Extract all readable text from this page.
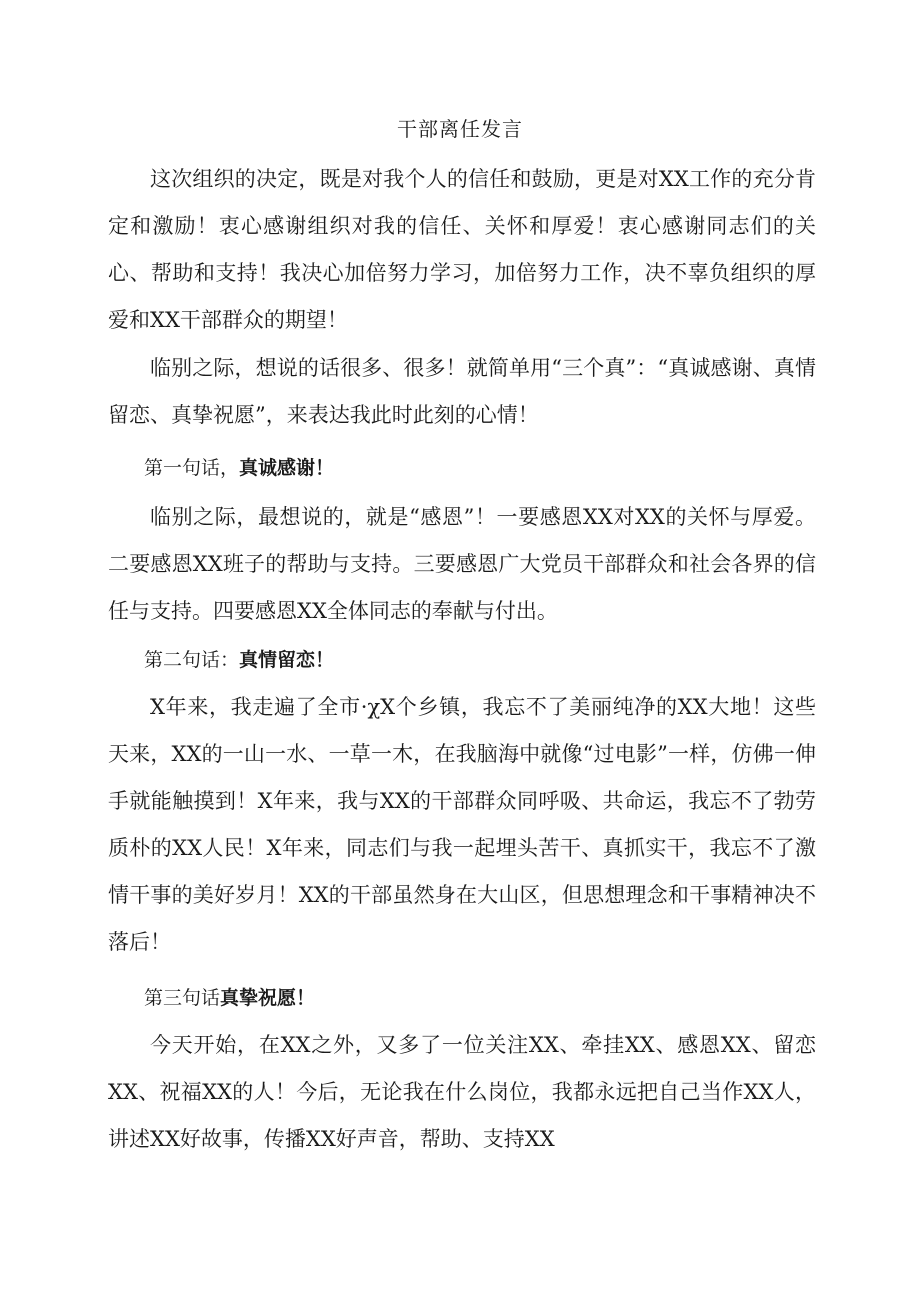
干部离任发言

这次组织的决定，既是对我个人的信任和鼓励，更是对XX工作的充分肯定和激励！衷心感谢组织对我的信任、关怀和厚爱！衷心感谢同志们的关心、帮助和支持！我决心加倍努力学习，加倍努力工作，决不辜负组织的厚爱和XX干部群众的期望！

临别之际，想说的话很多、很多！就简单用“三个真”：“真诚感谢、真情留恋、真挚祝愿”，来表达我此时此刻的心情！

第一句话，真诚感谢！

临别之际，最想说的，就是“感恩”！一要感恩XX对XX的关怀与厚爱。二要感恩XX班子的帮助与支持。三要感恩广大党员干部群众和社会各界的信任与支持。四要感恩XX全体同志的奉献与付出。

第二句话：真情留恋！

X年来，我走遍了全市·χX个乡镇，我忘不了美丽纯净的XX大地！这些天来，XX的一山一水、一草一木，在我脑海中就像“过电影”一样，仿佛一伸手就能触摸到！X年来，我与XX的干部群众同呼吸、共命运，我忘不了勃劳质朴的XX人民！X年来，同志们与我一起埋头苦干、真抓实干，我忘不了激情干事的美好岁月！XX的干部虽然身在大山区，但思想理念和干事精神决不落后！

第三句话真挚祝愿！

今天开始，在XX之外，又多了一位关注XX、牵挂XX、感恩XX、留恋XX、祝福XX的人！今后，无论我在什么岗位，我都永远把自己当作XX人，讲述XX好故事，传播XX好声音，帮助、支持XX
